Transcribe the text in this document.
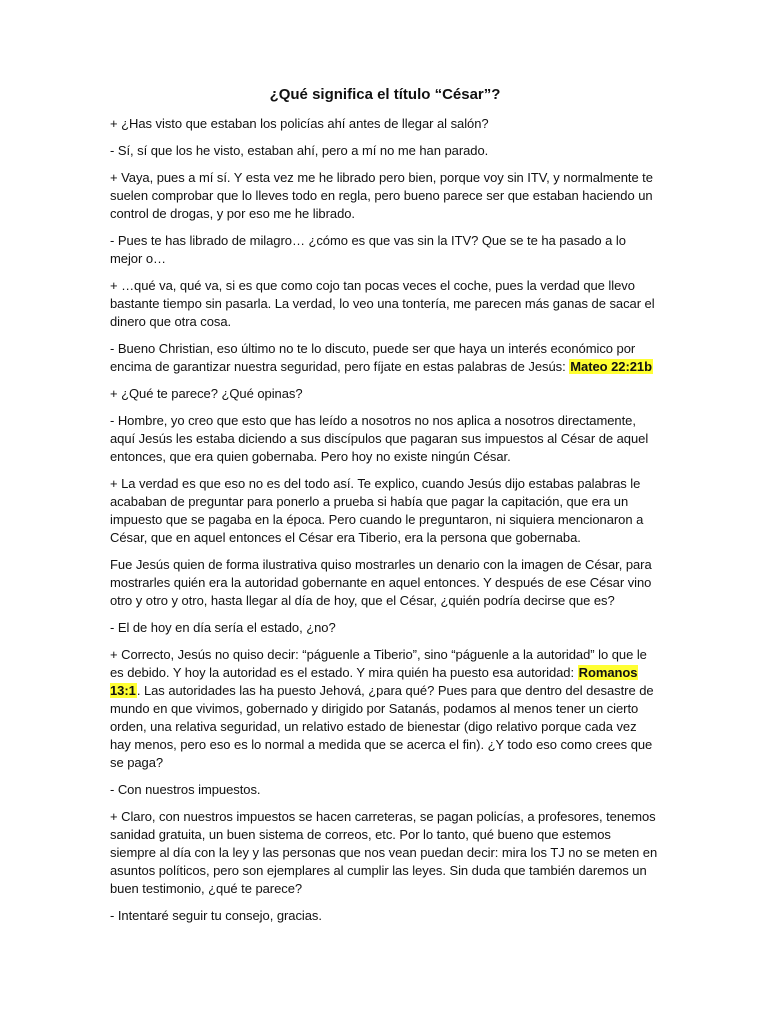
¿Qué significa el título “César”?

+ ¿Has visto que estaban los policías ahí antes de llegar al salón?

- Sí, sí que los he visto, estaban ahí, pero a mí no me han parado.

+ Vaya, pues a mí sí. Y esta vez me he librado pero bien, porque voy sin ITV, y normalmente te suelen comprobar que lo lleves todo en regla, pero bueno parece ser que estaban haciendo un control de drogas, y por eso me he librado.

- Pues te has librado de milagro… ¿cómo es que vas sin la ITV? Que se te ha pasado a lo mejor o…

+ …qué va, qué va, si es que como cojo tan pocas veces el coche, pues la verdad que llevo bastante tiempo sin pasarla. La verdad, lo veo una tontería, me parecen más ganas de sacar el dinero que otra cosa.

- Bueno Christian, eso último no te lo discuto, puede ser que haya un interés económico por encima de garantizar nuestra seguridad, pero fíjate en estas palabras de Jesús: Mateo 22:21b

+ ¿Qué te parece? ¿Qué opinas?

- Hombre, yo creo que esto que has leído a nosotros no nos aplica a nosotros directamente, aquí Jesús les estaba diciendo a sus discípulos que pagaran sus impuestos al César de aquel entonces, que era quien gobernaba. Pero hoy no existe ningún César.

+ La verdad es que eso no es del todo así. Te explico, cuando Jesús dijo estabas palabras le acababan de preguntar para ponerlo a prueba si había que pagar la capitación, que era un impuesto que se pagaba en la época. Pero cuando le preguntaron, ni siquiera mencionaron a César, que en aquel entonces el César era Tiberio, era la persona que gobernaba.

Fue Jesús quien de forma ilustrativa quiso mostrarles un denario con la imagen de César, para mostrarles quién era la autoridad gobernante en aquel entonces. Y después de ese César vino otro y otro y otro, hasta llegar al día de hoy, que el César, ¿quién podría decirse que es?

- El de hoy en día sería el estado, ¿no?

+ Correcto, Jesús no quiso decir: “páguenle a Tiberio”, sino “páguenle a la autoridad” lo que le es debido. Y hoy la autoridad es el estado. Y mira quién ha puesto esa autoridad: Romanos 13:1. Las autoridades las ha puesto Jehová, ¿para qué? Pues para que dentro del desastre de mundo en que vivimos, gobernado y dirigido por Satanás, podamos al menos tener un cierto orden, una relativa seguridad, un relativo estado de bienestar (digo relativo porque cada vez hay menos, pero eso es lo normal a medida que se acerca el fin). ¿Y todo eso como crees que se paga?

- Con nuestros impuestos.

+ Claro, con nuestros impuestos se hacen carreteras, se pagan policías, a profesores, tenemos sanidad gratuita, un buen sistema de correos, etc. Por lo tanto, qué bueno que estemos siempre al día con la ley y las personas que nos vean puedan decir: mira los TJ no se meten en asuntos políticos, pero son ejemplares al cumplir las leyes. Sin duda que también daremos un buen testimonio, ¿qué te parece?

- Intentaré seguir tu consejo, gracias.
